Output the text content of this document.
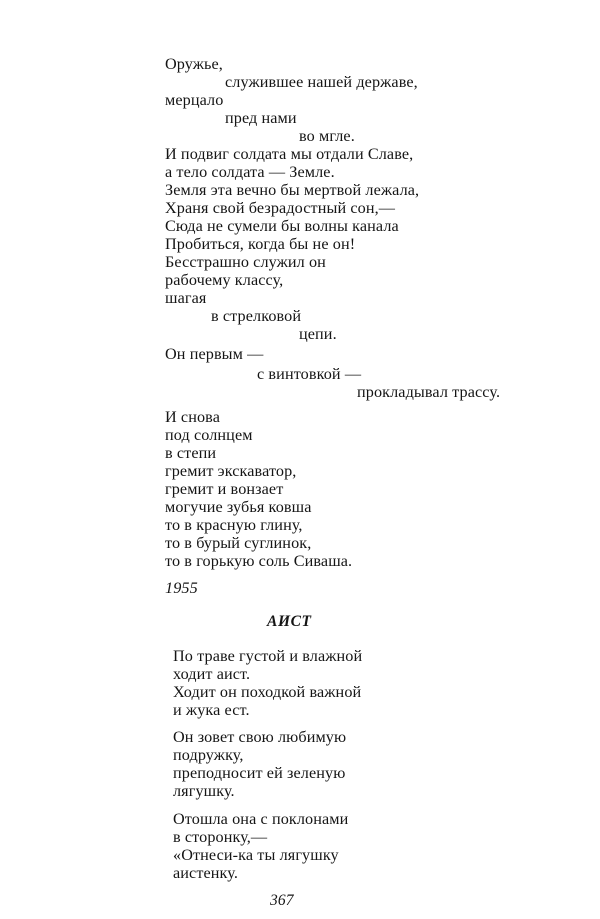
Оружье,
служившее нашей державе,
мерцало
пред нами
во мгле.
И подвиг солдата мы отдали Славе,
а тело солдата — Земле.
Земля эта вечно бы мертвой лежала,
Храня свой безрадостный сон,—
Сюда не сумели бы волны канала
Пробиться, когда бы не он!
Бесстрашно служил он
рабочему классу,
шагая
в стрелковой
цепи.
Он первым —
с винтовкой —
прокладывал трассу.
И снова
под солнцем
в степи
гремит экскаватор,
гремит и вонзает
могучие зубья ковша
то в красную глину,
то в бурый суглинок,
то в горькую соль Сиваша.
1955
АИСТ
По траве густой и влажной
ходит аист.
Ходит он походкой важной
и жука ест.
Он зовет свою любимую
подружку,
преподносит ей зеленую
лягушку.
Отошла она с поклонами
в сторонку,—
«Отнеси-ка ты лягушку
аистенку.
367
